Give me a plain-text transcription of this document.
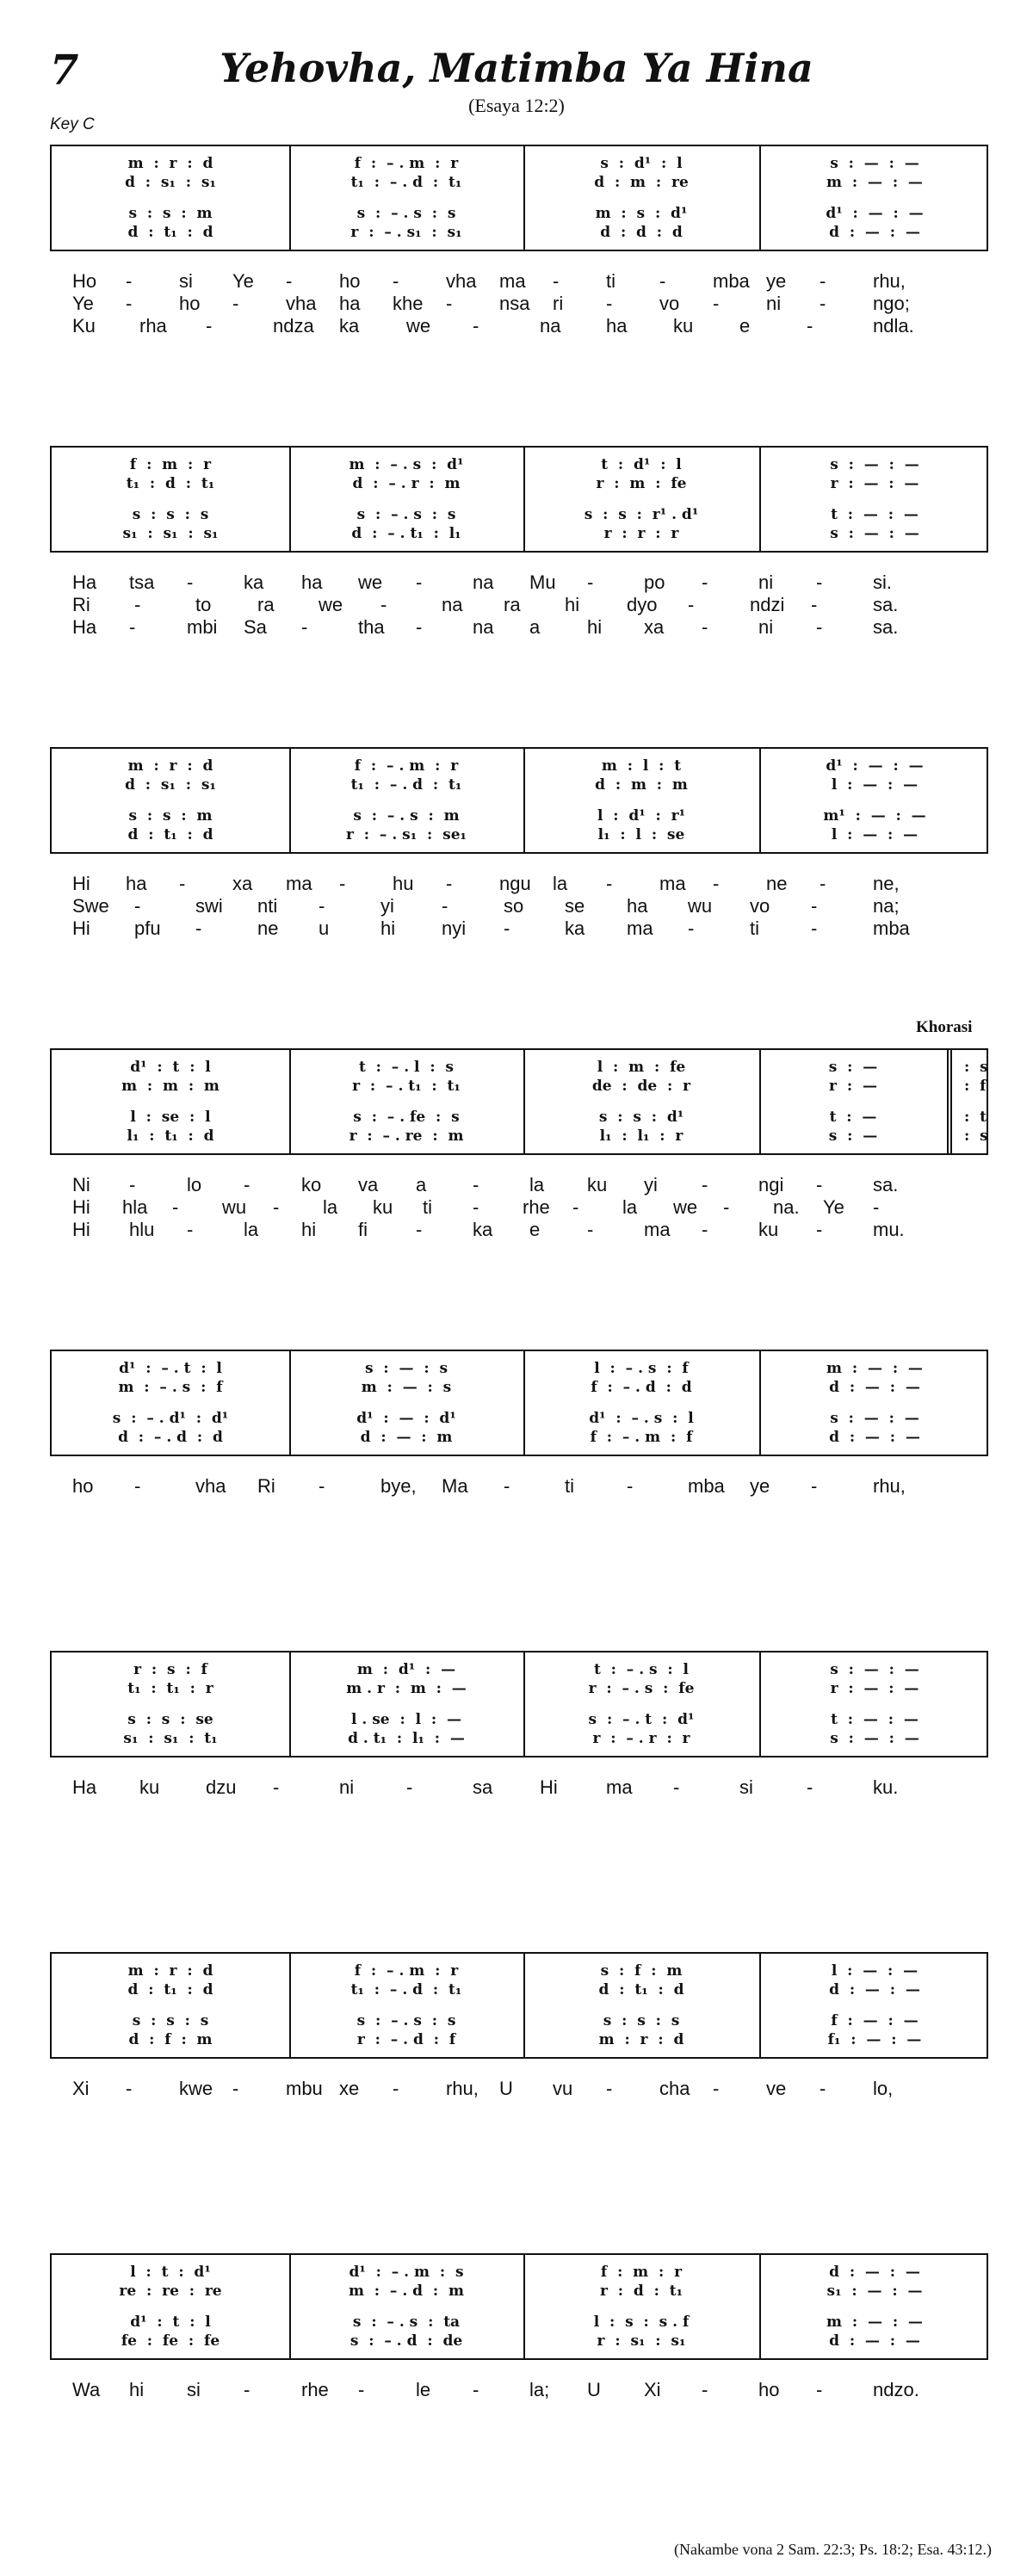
7	Yehovha, Matimba Ya Hina
(Esaya 12:2)
Key C
Khorasi
m  :  r  :  d	f  :  – . m  :  r	s  :  d¹  :  l	s  :  —  :  —
d  :  s₁  :  s₁	t₁  :  – . d  :  t₁	d  :  m  :  re	m  :  —  :  —
s  :  s  :  m	s  :  – . s  :  s	m  :  s  :  d¹	d¹  :  —  :  —
d  :  t₁  :  d	r  :  – . s₁  :  s₁	d  :  d  :  d	d  :  —  :  —
Ho - si Ye - ho - vha ma - ti - mba ye - rhu,
Ye - ho - vha ha khe - nsa ri - vo - ni - ngo;
Ku rha -	ndza ka we -	na ha ku e	-	ndla.
f  :  m  :  r	m  :  – . s  :  d¹	t  :  d¹  :  l	s  :  —  :  —
t₁  :  d  :  t₁	d  :  – . r  :  m	r  :  m  :  fe	r  :  —  :  —
s  :  s  :  s	s  :  – . s  :  s	s  :  s  :  r¹ . d¹	t  :  —  :  —
s₁  :  s₁  :  s₁	d  :  – . t₁  :  l₁	r  :  r  :  r	s  :  —  :  —
Ha tsa -	ka ha we -	na Mu -	po -	ni -	si.
Ri -	to ra we -	na ra hi dyo -	ndzi -	sa.
Ha -	mbi Sa -	tha -	na a hi xa -	ni -	sa.
m  :  r  :  d	f  :  – . m  :  r	m  :  l  :  t	d¹  :  —  :  —
d  :  s₁  :  s₁	t₁  :  – . d  :  t₁	d  :  m  :  m	l  :  —  :  —
s  :  s  :  m	s  :  – . s  :  m	l  :  d¹  :  r¹	m¹  :  —  :  —
d  :  t₁  :  d	r  :  – . s₁  :  se₁	l₁  :  l  :  se	l  :  —  :  —
Hi ha - xa ma - hu - ngu la - ma - ne - ne,
Swe -	swi nti -	yi	-	so se ha wu vo -	na;
Hi pfu -	ne u	hi nyi -	ka ma -	ti	-	mba
d¹  :  t  :  l	t  :  – . l  :  s	l  :  m  :  fe	s  :  —	:  s
m  :  m  :  m	r  :  – . t₁  :  t₁	de  :  de  :  r	r  :  —	:  f
l  :  se  :  l	s  :  – . fe  :  s	s  :  s  :  d¹	t  :  —	:  t
l₁  :  t₁  :  d	r  :  – . re  :  m	l₁  :  l₁  :  r	s  :  —	:  s
Ni -	lo -	ko va a -	la ku yi -	ngi -	sa.
Hi hla - wu - la ku ti - rhe - la we - na. Ye -
Hi hlu -	la hi fi	-	ka e -	ma -	ku -	mu.
d¹  :  – . t  :  l	s  :  —  :  s	l  :  – . s  :  f	m  :  —  :  —
m  :  – . s  :  f	m  :  —  :  s	f  :  – . d  :  d	d  :  —  :  —
s  :  – . d¹  :  d¹	d¹  :  —  :  d¹	d¹  :  – . s  :  l	s  :  —  :  —
d  :  – . d  :  d	d  :  —  :  m	f  :  – . m  :  f	d  :  —  :  —
ho -	vha Ri -	bye, Ma -	ti	-	mba ye -	rhu,
r  :  s  :  f	m  :  d¹  :  —	t  :  – . s  :  l	s  :  —  :  —
t₁  :  t₁  :  r	m . r  :  m  :  —	r  :  – . s  :  fe	r  :  —  :  —
s  :  s  :  se	l . se  :  l  :  —	s  :  – . t  :  d¹	t  :  —  :  —
s₁  :  s₁  :  t₁	d . t₁  :  l₁  :  —	r  :  – . r  :  r	s  :  —  :  —
Ha ku dzu -	ni	-	sa Hi	ma -	si	-	ku.
m  :  r  :  d	f  :  – . m  :  r	s  :  f  :  m	l  :  —  :  —
d  :  t₁  :  d	t₁  :  – . d  :  t₁	d  :  t₁  :  d	d  :  —  :  —
s  :  s  :  s	s  :  – . s  :  s	s  :  s  :  s	f  :  —  :  —
d  :  f  :  m	r  :  – . d  :  f	m  :  r  :  d	f₁  :  —  :  —
Xi - kwe - mbu xe - rhu, U vu - cha - ve - lo,
l  :  t  :  d¹	d¹  :  – . m  :  s	f  :  m  :  r	d  :  —  :  —
re  :  re  :  re	m  :  – . d  :  m	r  :  d  :  t₁	s₁  :  —  :  —
d¹  :  t  :  l	s  :  – . s  :  ta	l  :  s  :  s . f	m  :  —  :  —
fe  :  fe  :  fe	s  :  – . d  :  de	r  :  s₁  :  s₁	d  :  —  :  —
Wa hi si -	rhe -	le -	la; U Xi -	ho -	ndzo.
(Nakambe vona 2 Sam. 22:3; Ps. 18:2; Esa. 43:12.)
